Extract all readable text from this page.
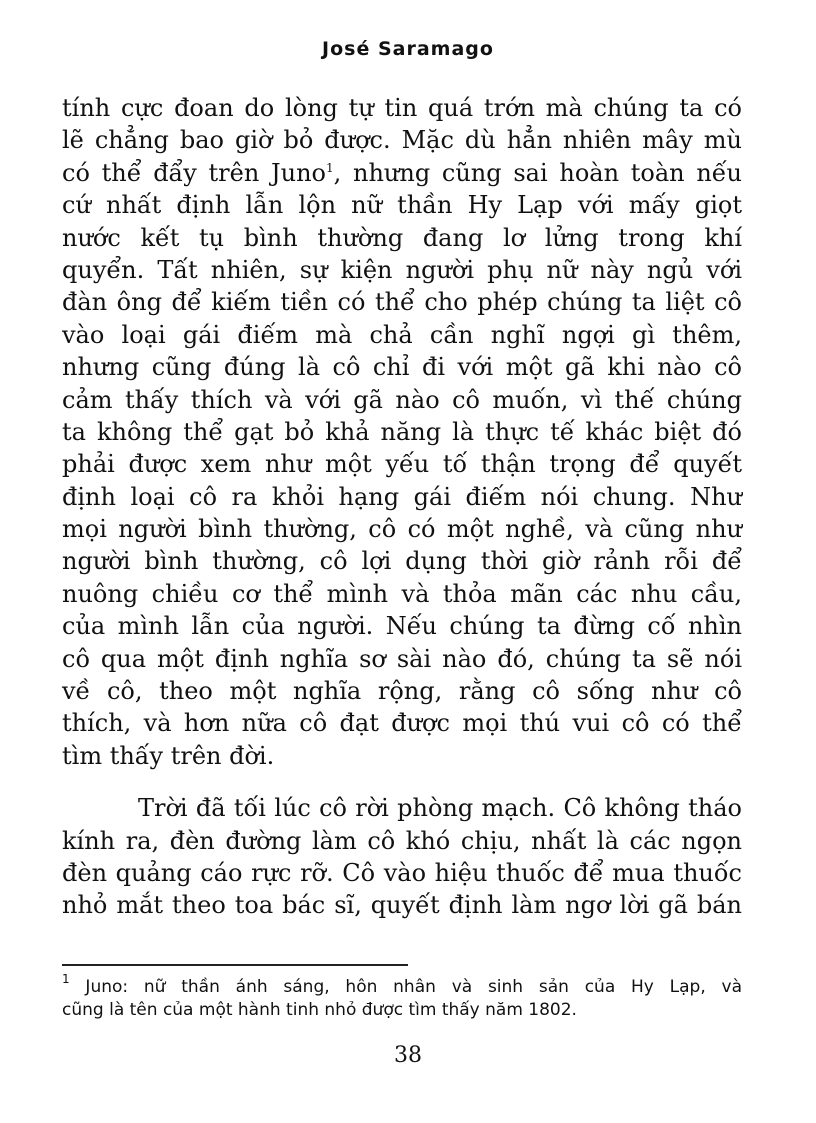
José Saramago
tính cực đoan do lòng tự tin quá trớn mà chúng ta có
lẽ chẳng bao giờ bỏ được. Mặc dù hẳn nhiên mây mù
có thể đẩy trên Juno$^1$, nhưng cũng sai hoàn toàn nếu
cứ nhất định lẫn lộn nữ thần Hy Lạp với mấy giọt
nước kết tụ bình thường đang lơ lửng trong khí
quyển. Tất nhiên, sự kiện người phụ nữ này ngủ với
đàn ông để kiếm tiền có thể cho phép chúng ta liệt cô
vào loại gái điếm mà chả cần nghĩ ngợi gì thêm,
nhưng cũng đúng là cô chỉ đi với một gã khi nào cô
cảm thấy thích và với gã nào cô muốn, vì thế chúng
ta không thể gạt bỏ khả năng là thực tế khác biệt đó
phải được xem như một yếu tố thận trọng để quyết
định loại cô ra khỏi hạng gái điếm nói chung. Như
mọi người bình thường, cô có một nghề, và cũng như
người bình thường, cô lợi dụng thời giờ rảnh rỗi để
nuông chiều cơ thể mình và thỏa mãn các nhu cầu,
của mình lẫn của người. Nếu chúng ta đừng cố nhìn
cô qua một định nghĩa sơ sài nào đó, chúng ta sẽ nói
về cô, theo một nghĩa rộng, rằng cô sống như cô
thích, và hơn nữa cô đạt được mọi thú vui cô có thể
tìm thấy trên đời.
Trời đã tối lúc cô rời phòng mạch. Cô không tháo
kính ra, đèn đường làm cô khó chịu, nhất là các ngọn
đèn quảng cáo rực rỡ. Cô vào hiệu thuốc để mua thuốc
nhỏ mắt theo toa bác sĩ, quyết định làm ngơ lời gã bán
$^1$ Juno: nữ thần ánh sáng, hôn nhân và sinh sản của Hy Lạp, và
cũng là tên của một hành tinh nhỏ được tìm thấy năm 1802.
38
